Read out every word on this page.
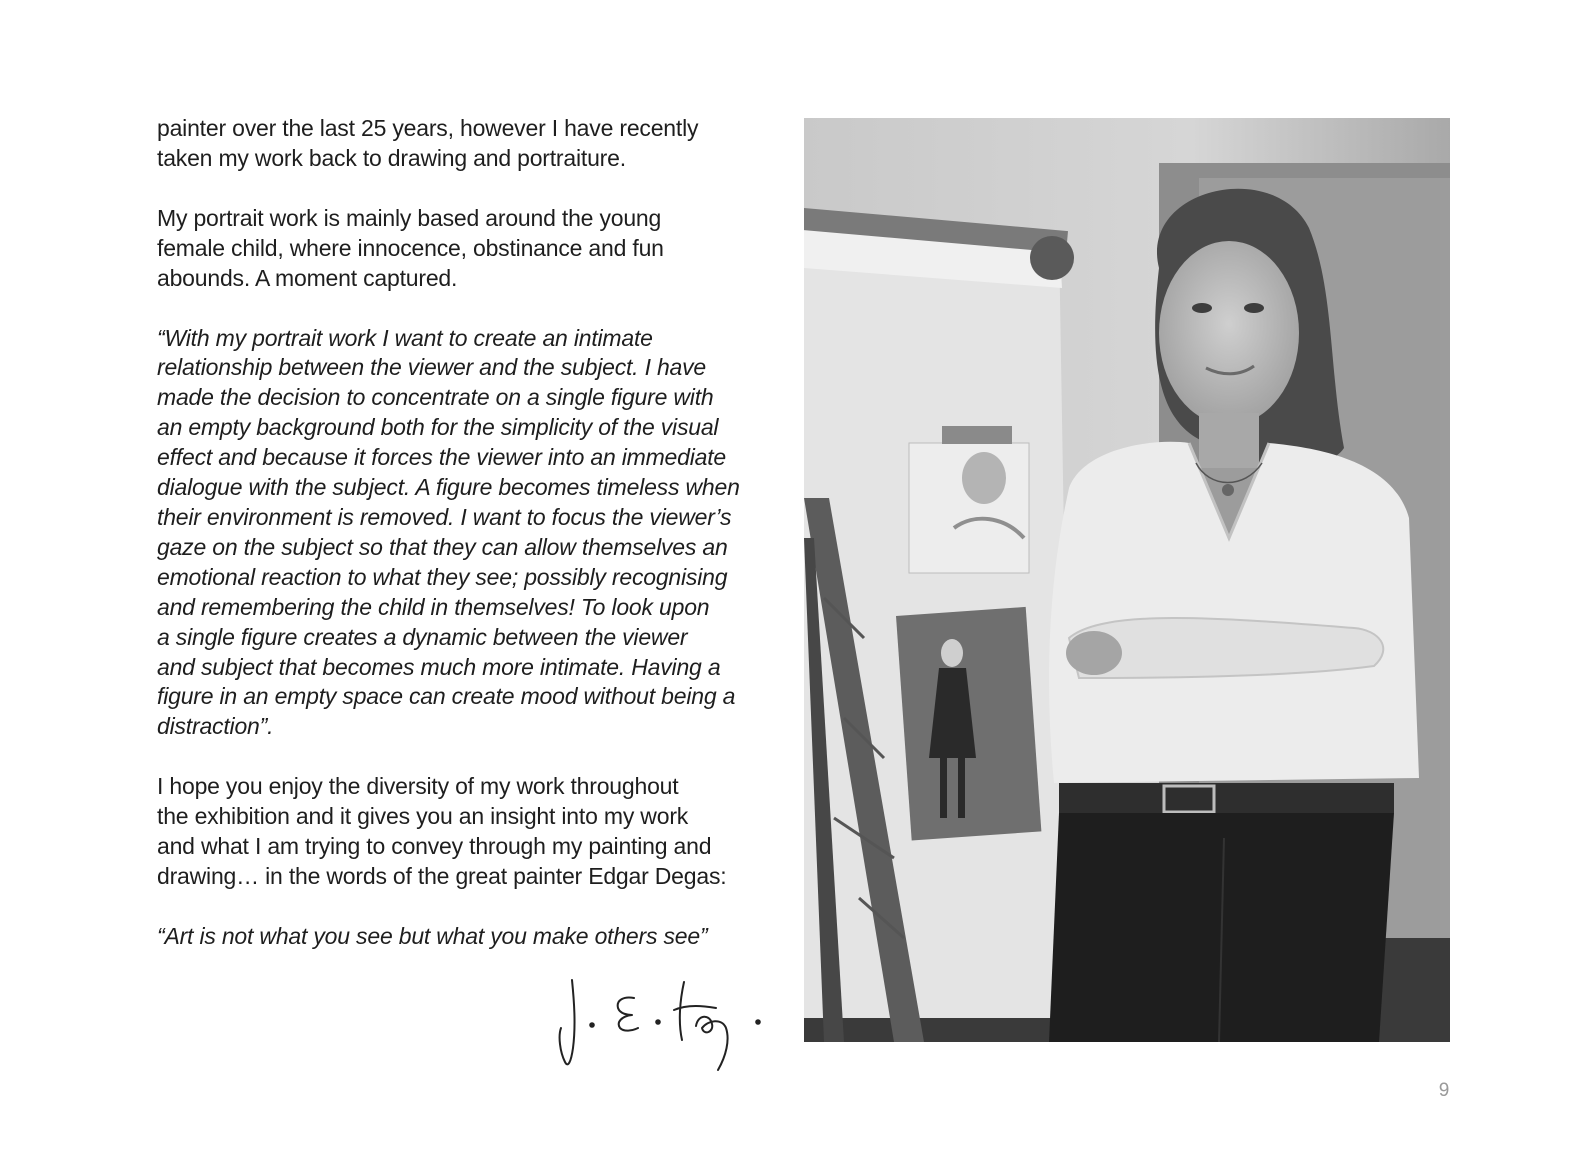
painter over the last 25 years, however I have recently
taken my work back to drawing and portraiture.

My portrait work is mainly based around the young
female child, where innocence, obstinance and fun
abounds. A moment captured.

“With my portrait work I want to create an intimate
relationship between the viewer and the subject. I have
made the decision to concentrate on a single figure with
an empty background both for the simplicity of the visual
effect and because it forces the viewer into an immediate
dialogue with the subject. A figure becomes timeless when
their environment is removed. I want to focus the viewer’s
gaze on the subject so that they can allow themselves an
emotional reaction to what they see; possibly recognising
and remembering the child in themselves! To look upon
a single figure creates a dynamic between the viewer
and subject that becomes much more intimate. Having a
figure in an empty space can create mood without being a
distraction”.

I hope you enjoy the diversity of my work throughout
the exhibition and it gives you an insight into my work
and what I am trying to convey through my painting and
drawing… in the words of the great painter Edgar Degas:

“Art is not what you see but what you make others see”

9
